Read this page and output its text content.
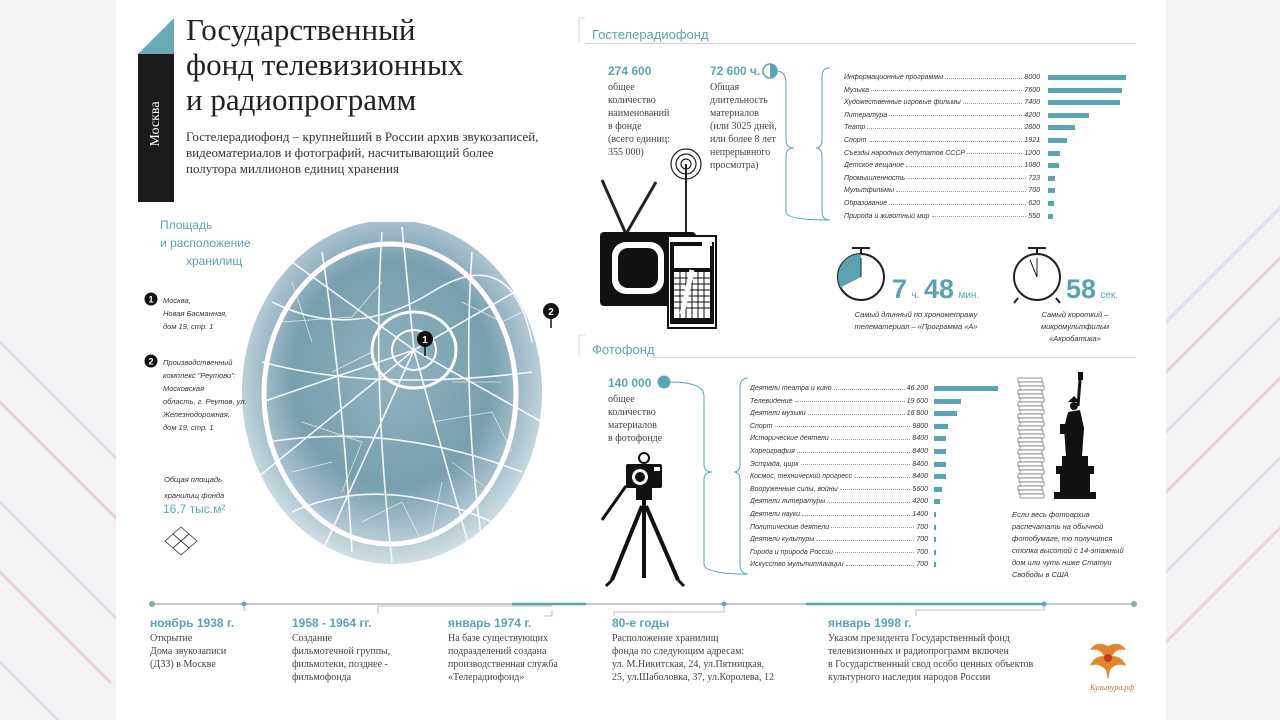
Москва
Государственный
фонд телевизионных
и радиопрограмм
Гостелерадиофонд – крупнейший в России архив звукозаписей,
видеоматериалов и фотографий, насчитывающий более
полутора миллионов единиц хранения
Площадь
и расположение
хранилищ
1
2
1 Москва,
Новая Басманная,
дом 19, стр. 1
2 Производственный
комплекс "Реутово":
Московская
область, г. Реутов, ул.
Железнодорожная,
дом 19, стр. 1
Общая площадь
хранилищ фонда
16,7 тыс.м²
Гостелерадиофонд
274 600
общее
количество
наименований
в фонде
(всего единиц:
355 000)
72 600 ч.
Общая
длительность
материалов
(или 3025 дней,
или более 8 лет
непрерывного
просмотра)
Информационные программы	8000
Музыка	7600
Художественные игровые фильмы	7400
Литература	4200
Театр	2800
Спорт	1921
Съезды народных депутатов СССР	1200
Детское вещание	1080
Промышленность	723
Мультфильмы	700
Образование	620
Природа и животный мир	550
7 ч. 48 мин.
Самый длинный по хронометражу
телематериал – «Программа «А»
58 сек.
Самый короткий – микромультфильм
«Акробатика»
Фотофонд
140 000
общее
количество
материалов
в фотофонде
Деятели театра и кино	46 200
Телевидение	19 600
Деятели музыки	16 800
Спорт	9800
Исторические деятели	8400
Хореография	8400
Эстрада, цирк	8400
Космос, технический прогресс	8400
Вооруженные силы, войны	5600
Деятели литературы	4200
Деятели науки	1400
Политические деятели	700
Деятели культуры	700
Города и природа России	700
Искусство мультипликации	700
Если весь фотоархив
распечатать на обычной
фотобумаге, то получится
стопка высотой с 14-этажный
дом или чуть ниже Статуи
Свободы в США
ноябрь 1938 г.
Открытие
Дома звукозаписи
(ДЗЗ) в Москве
1958 - 1964 гг.
Создание
фильмотечной группы,
фильмотеки, позднее -
фильмофонда
январь 1974 г.
На базе существующих
подразделений создана
производственная служба
«Телерадиофонд»
80-е годы
Расположение хранилищ
фонда по следующим адресам:
ул. М.Никитская, 24, ул.Пятницкая,
25, ул.Шаболовка, 37, ул.Королева, 12
январь 1998 г.
Указом президента Государственный фонд
телевизионных и радиопрограмм включен
в Государственный свод особо ценных объектов
культурного наследия народов России
Культура.рф
